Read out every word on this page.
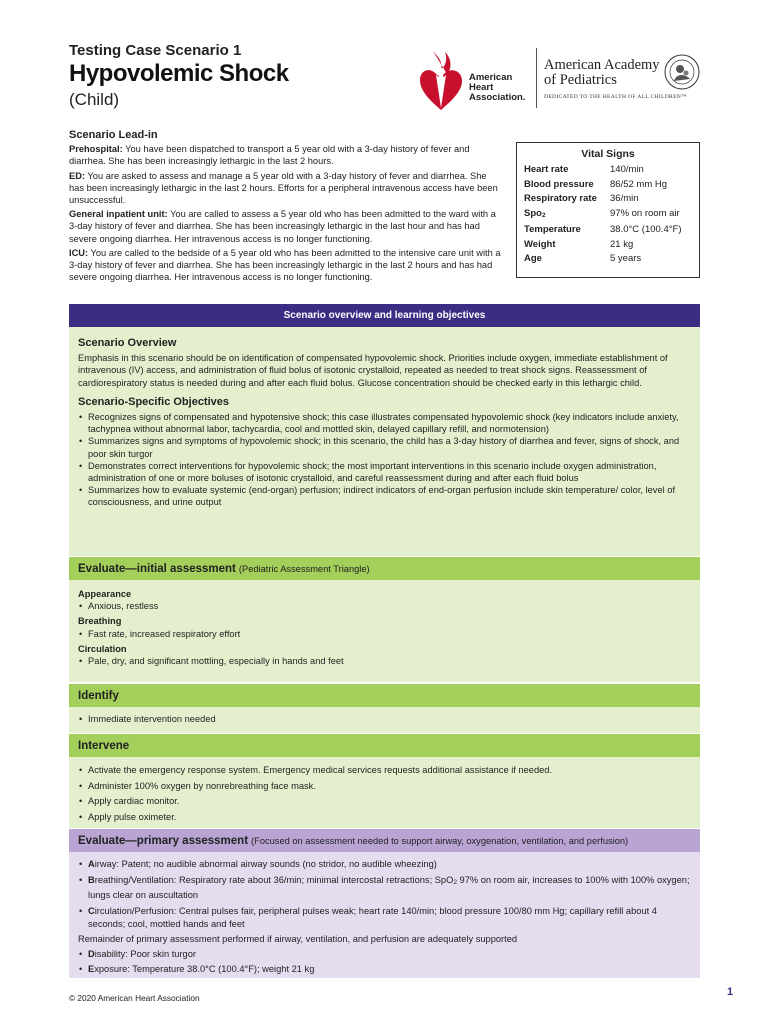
Testing Case Scenario 1
Hypovolemic Shock
(Child)
American
Heart
Association.
American Academy
of Pediatrics
DEDICATED TO THE HEALTH OF ALL CHILDREN™
Scenario Lead-in

Prehospital: You have been dispatched to transport a 5 year old with a 3-day history of fever and diarrhea. She has been increasingly lethargic in the last 2 hours.

ED: You are asked to assess and manage a 5 year old with a 3-day history of fever and diarrhea. She has been increasingly lethargic in the last 2 hours. Efforts for a peripheral intravenous access have been unsuccessful.

General inpatient unit: You are called to assess a 5 year old who has been admitted to the ward with a 3-day history of fever and diarrhea. She has been increasingly lethargic in the last hour and has had severe ongoing diarrhea. Her intravenous access is no longer functioning.

ICU: You are called to the bedside of a 5 year old who has been admitted to the intensive care unit with a 3-day history of fever and diarrhea. She has been increasingly lethargic in the last 2 hours and has had severe ongoing diarrhea. Her intravenous access is no longer functioning.

Vital Signs
Heart rate	140/min
Blood pressure	86/52 mm Hg
Respiratory rate	36/min
Spo$_2$	97% on room air
Temperature	38.0°C (100.4°F)
Weight	21 kg
Age	5 years
Scenario overview and learning objectives
Scenario Overview
Emphasis in this scenario should be on identification of compensated hypovolemic shock. Priorities include oxygen, immediate establishment of intravenous (IV) access, and administration of fluid bolus of isotonic crystalloid, repeated as needed to treat shock signs. Reassessment of cardiorespiratory status is needed during and after each fluid bolus. Glucose concentration should be checked early in this lethargic child.
Scenario-Specific Objectives
• Recognizes signs of compensated and hypotensive shock; this case illustrates compensated hypovolemic shock (key indicators include anxiety, tachypnea without abnormal labor, tachycardia, cool and mottled skin, delayed capillary refill, and normotension)
• Summarizes signs and symptoms of hypovolemic shock; in this scenario, the child has a 3-day history of diarrhea and fever, signs of shock, and poor skin turgor
• Demonstrates correct interventions for hypovolemic shock; the most important interventions in this scenario include oxygen administration, administration of one or more boluses of isotonic crystalloid, and careful reassessment during and after each fluid bolus
• Summarizes how to evaluate systemic (end-organ) perfusion; indirect indicators of end-organ perfusion include skin temperature/ color, level of consciousness, and urine output
Evaluate—initial assessment (Pediatric Assessment Triangle)
Appearance
• Anxious, restless
Breathing
• Fast rate, increased respiratory effort
Circulation
• Pale, dry, and significant mottling, especially in hands and feet
Identify
• Immediate intervention needed
Intervene
• Activate the emergency response system. Emergency medical services requests additional assistance if needed.
• Administer 100% oxygen by nonrebreathing face mask.
• Apply cardiac monitor.
• Apply pulse oximeter.
Evaluate—primary assessment (Focused on assessment needed to support airway, oxygenation, ventilation, and perfusion)
• Airway: Patent; no audible abnormal airway sounds (no stridor, no audible wheezing)
• Breathing/Ventilation: Respiratory rate about 36/min; minimal intercostal retractions; SpO$_2$ 97% on room air, increases to 100% with 100% oxygen; lungs clear on auscultation
• Circulation/Perfusion: Central pulses fair, peripheral pulses weak; heart rate 140/min; blood pressure 100/80 mm Hg; capillary refill about 4 seconds; cool, mottled hands and feet
Remainder of primary assessment performed if airway, ventilation, and perfusion are adequately supported
• Disability: Poor skin turgor
• Exposure: Temperature 38.0°C (100.4°F); weight 21 kg
© 2020 American Heart Association	1
